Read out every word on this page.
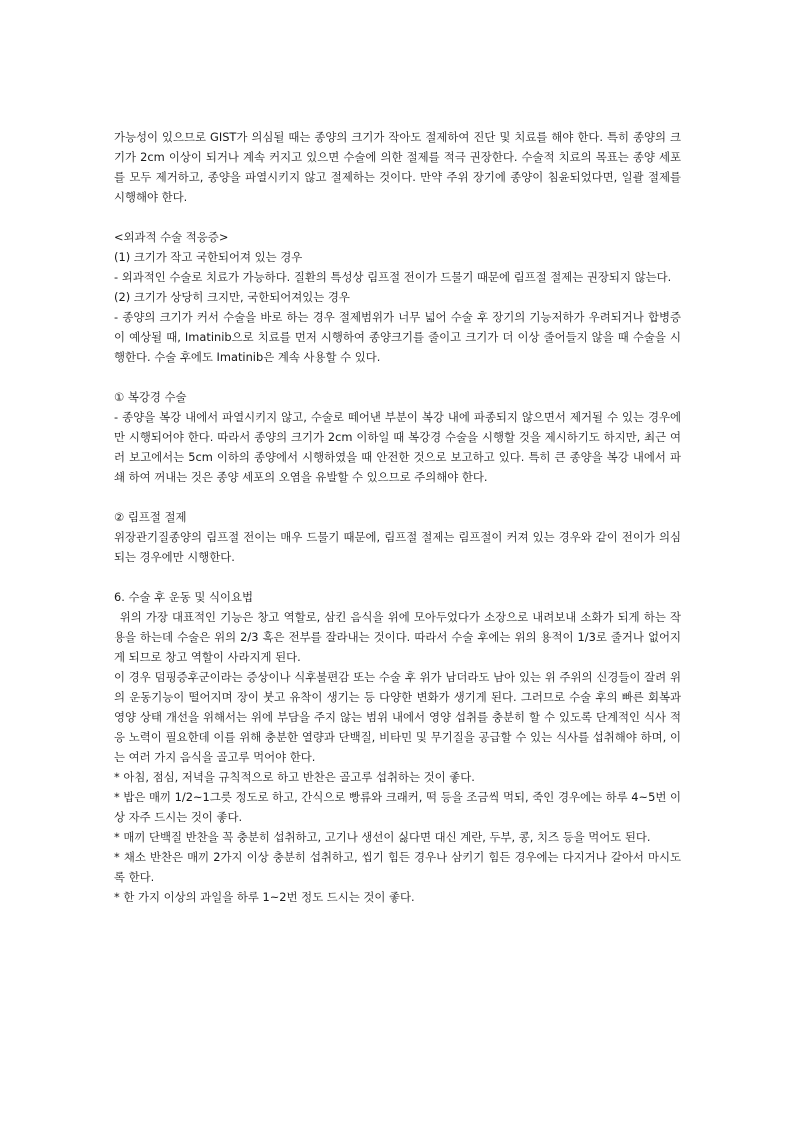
가능성이 있으므로 GIST가 의심될 때는 종양의 크기가 작아도 절제하여 진단 및 치료를 해야 한다. 특히 종양의 크기가 2cm 이상이 되거나 계속 커지고 있으면 수술에 의한 절제를 적극 권장한다. 수술적 치료의 목표는 종양 세포를 모두 제거하고, 종양을 파열시키지 않고 절제하는 것이다. 만약 주위 장기에 종양이 침윤되었다면, 일괄 절제를 시행해야 한다.

<외과적 수술 적응증>

(1) 크기가 작고 국한되어져 있는 경우

- 외과적인 수술로 치료가 가능하다. 질환의 특성상 림프절 전이가 드물기 때문에 림프절 절제는 권장되지 않는다.

(2) 크기가 상당히 크지만, 국한되어져있는 경우

- 종양의 크기가 커서 수술을 바로 하는 경우 절제범위가 너무 넓어 수술 후 장기의 기능저하가 우려되거나 합병증이 예상될 때, Imatinib으로 치료를 먼저 시행하여 종양크기를 줄이고 크기가 더 이상 줄어들지 않을 때 수술을 시행한다. 수술 후에도 Imatinib은 계속 사용할 수 있다.

① 복강경 수술

- 종양을 복강 내에서 파열시키지 않고, 수술로 떼어낸 부분이 복강 내에 파종되지 않으면서 제거될 수 있는 경우에만 시행되어야 한다. 따라서 종양의 크기가 2cm 이하일 때 복강경 수술을 시행할 것을 제시하기도 하지만, 최근 여러 보고에서는 5cm 이하의 종양에서 시행하였을 때 안전한 것으로 보고하고 있다. 특히 큰 종양을 복강 내에서 파쇄 하여 꺼내는 것은 종양 세포의 오염을 유발할 수 있으므로 주의해야 한다.

② 림프절 절제

위장관기질종양의 림프절 전이는 매우 드물기 때문에, 림프절 절제는 림프절이 커져 있는 경우와 같이 전이가 의심되는 경우에만 시행한다.

6. 수술 후 운동 및 식이요법

위의 가장 대표적인 기능은 창고 역할로, 삼킨 음식을 위에 모아두었다가 소장으로 내려보내 소화가 되게 하는 작용을 하는데 수술은 위의 2/3 혹은 전부를 잘라내는 것이다. 따라서 수술 후에는 위의 용적이 1/3로 줄거나 없어지게 되므로 창고 역할이 사라지게 된다.

이 경우 덤핑증후군이라는 증상이나 식후불편감 또는 수술 후 위가 남더라도 남아 있는 위 주위의 신경들이 잘려 위의 운동기능이 떨어지며 장이 붓고 유착이 생기는 등 다양한 변화가 생기게 된다. 그러므로 수술 후의 빠른 회복과 영양 상태 개선을 위해서는 위에 부담을 주지 않는 범위 내에서 영양 섭취를 충분히 할 수 있도록 단계적인 식사 적응 노력이 필요한데 이를 위해 충분한 열량과 단백질, 비타민 및 무기질을 공급할 수 있는 식사를 섭취해야 하며, 이는 여러 가지 음식을 골고루 먹어야 한다.

* 아침, 점심, 저녁을 규칙적으로 하고 반찬은 골고루 섭취하는 것이 좋다.

* 밥은 매끼 1/2~1그릇 정도로 하고, 간식으로 빵류와 크래커, 떡 등을 조금씩 먹되, 죽인 경우에는 하루 4~5번 이상 자주 드시는 것이 좋다.

* 매끼 단백질 반찬을 꼭 충분히 섭취하고, 고기나 생선이 싫다면 대신 계란, 두부, 콩, 치즈 등을 먹어도 된다.

* 채소 반찬은 매끼 2가지 이상 충분히 섭취하고, 씹기 힘든 경우나 삼키기 힘든 경우에는 다지거나 갈아서 마시도록 한다.

* 한 가지 이상의 과일을 하루 1~2번 정도 드시는 것이 좋다.
